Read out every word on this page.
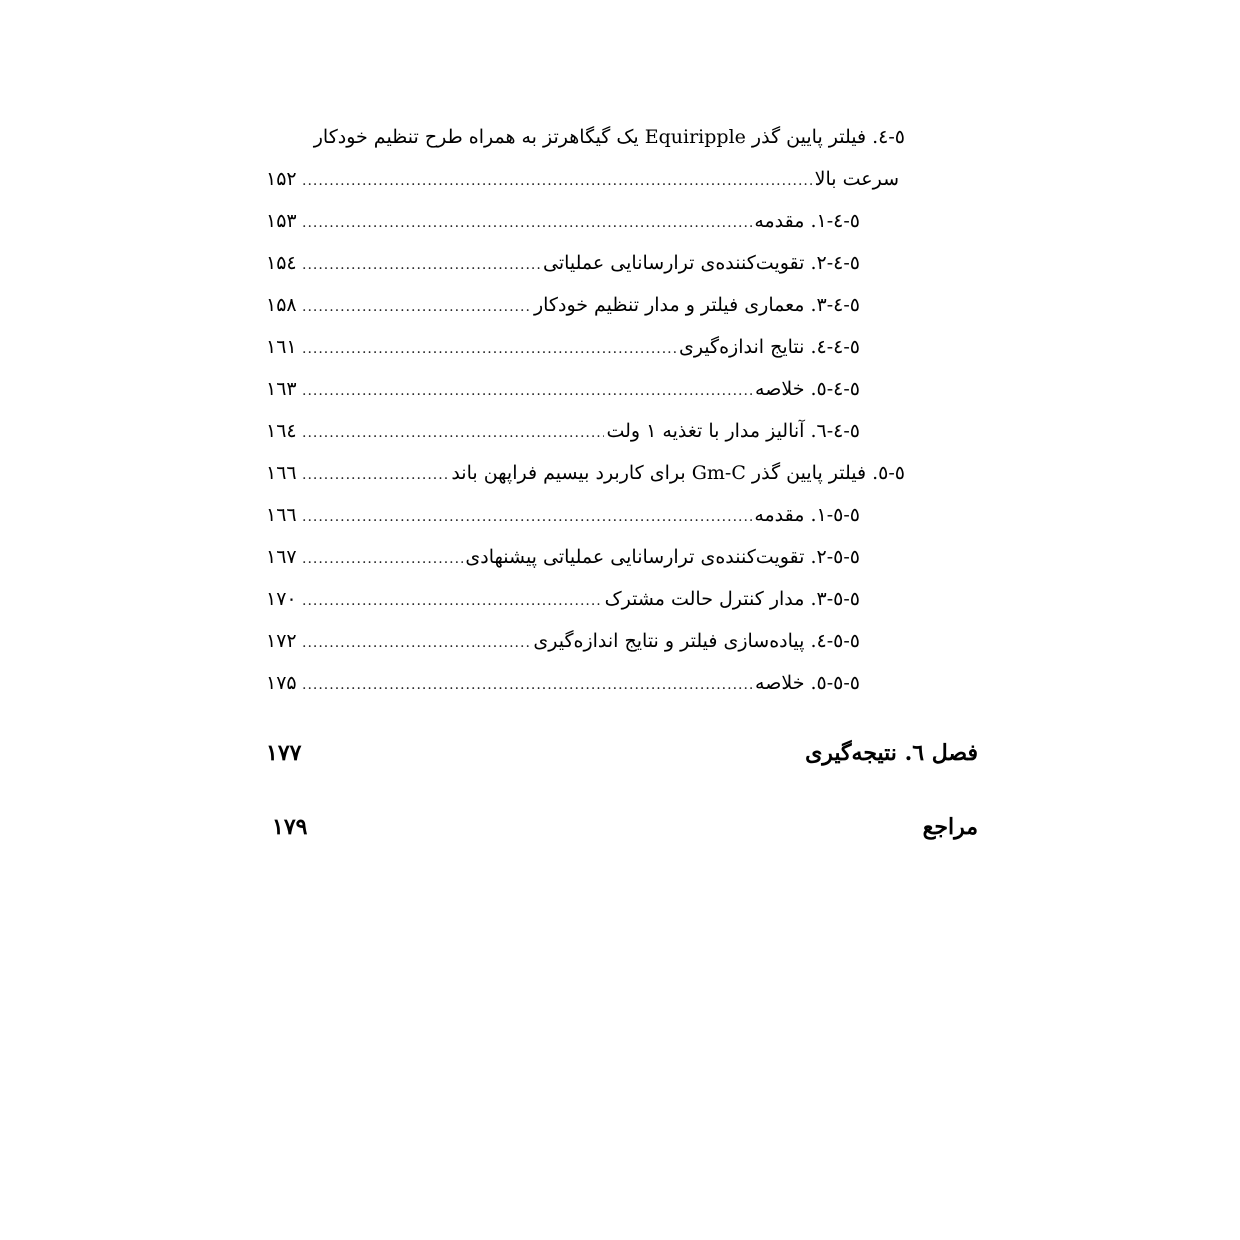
٥-٤.
فیلتر پایین گذر Equiripple یک گیگاهرتز به همراه طرح تنظیم خودکار
سرعت بالا
.....
۱۵۲
٥-٤-١.
مقدمه
.....
۱۵۳
٥-٤-٢.
تقویت‌کننده‌ی ترارسانایی عملیاتی
.....
۱۵٤
٥-٤-٣.
معماری فیلتر و مدار تنظیم خودکار
.....
۱۵۸
٥-٤-٤.
نتایج اندازه‌گیری
.....
۱٦۱
٥-٤-٥.
خلاصه
.....
۱٦۳
٥-٤-٦.
آنالیز مدار با تغذیه ۱ ولت
.....
۱٦٤
٥-٥.
فیلتر پایین گذر Gm-C برای کاربرد بیسیم فراپهن باند
.....
۱٦٦
٥-٥-١.
مقدمه
.....
۱٦٦
٥-٥-٢.
تقویت‌کننده‌ی ترارسانایی عملیاتی پیشنهادی
.....
۱٦۷
٥-٥-٣.
مدار کنترل حالت مشترک
.....
۱۷۰
٥-٥-٤.
پیاده‌سازی فیلتر و نتایج اندازه‌گیری
.....
۱۷۲
٥-٥-٥.
خلاصه
.....
۱۷۵
فصل ٦. نتیجه‌گیری
۱۷۷
مراجع
۱۷۹
